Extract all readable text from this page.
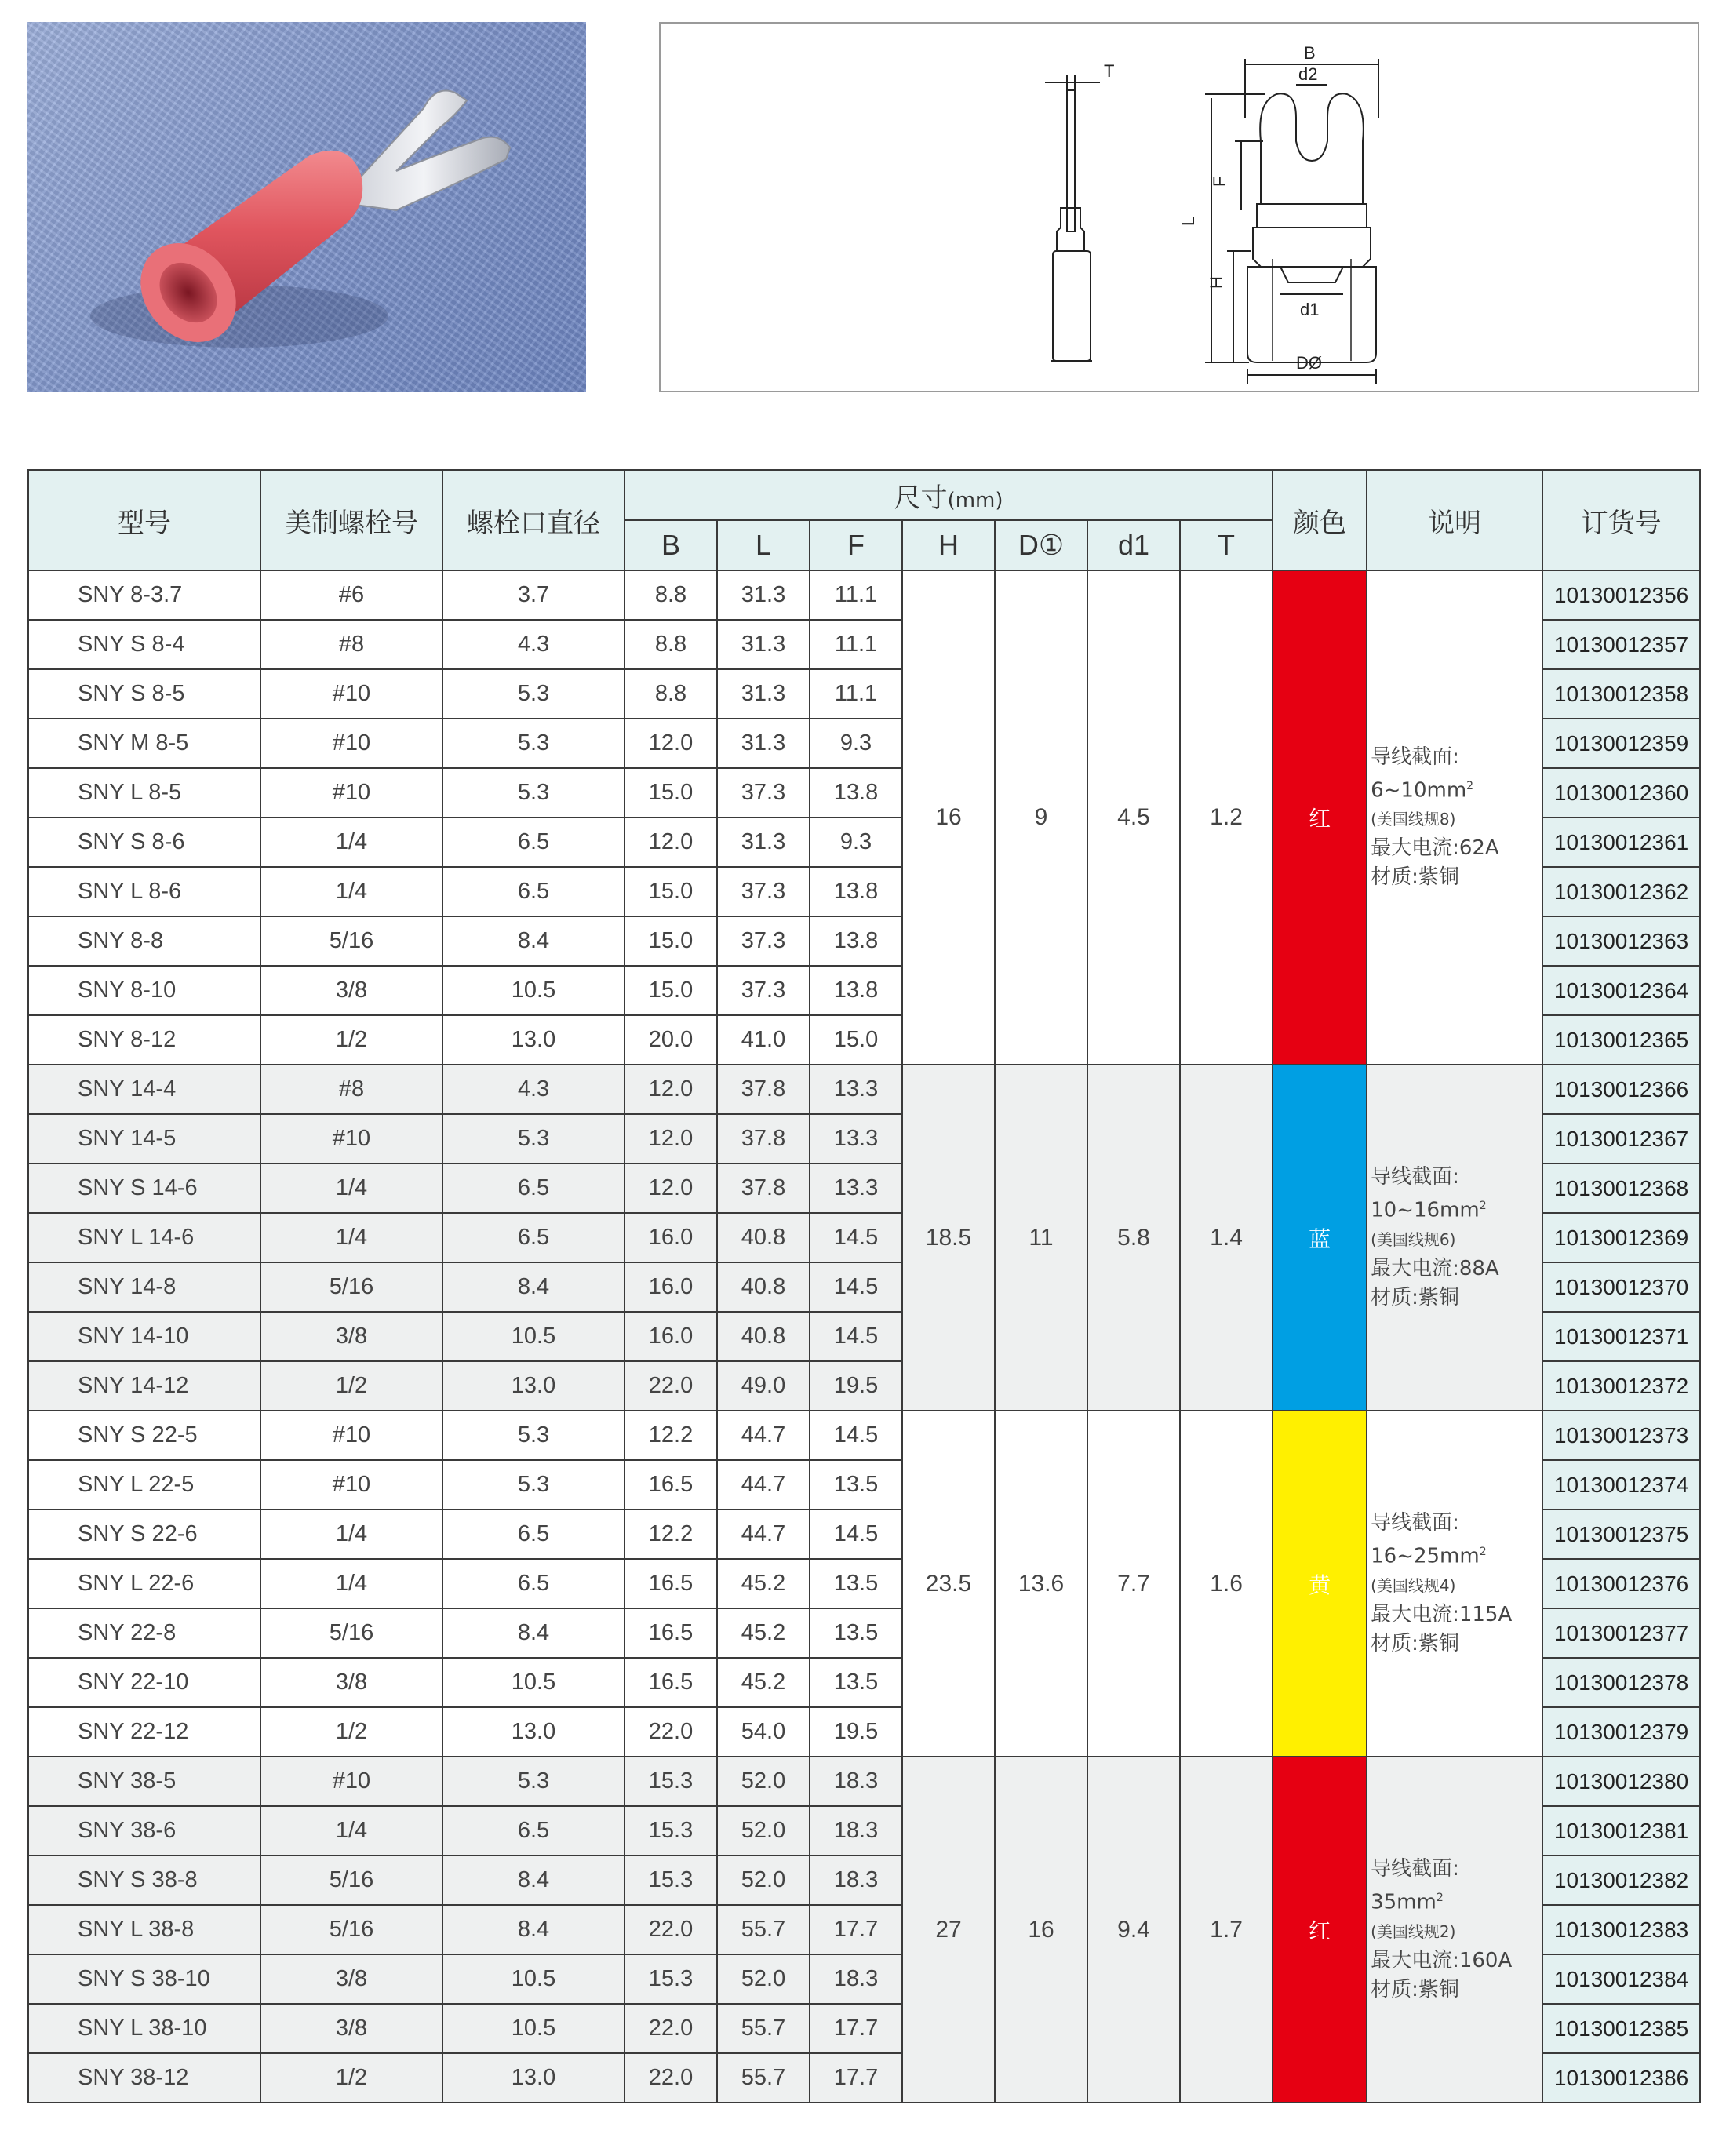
T
B
d2
L
F
H
d1
DØ
型号	美制螺栓号	螺栓口直径	尺寸(mm)							颜色	说明	订货号
			B	L	F	H	D①	d1	T			
SNY 8-3.7	#6	3.7	8.8	31.3	11.1	16	9	4.5	1.2	红	导线截面:
$6\sim 10mm^2$
(美国线规8)
最大电流:62A
材质:紫铜	10130012356
SNY S 8-4	#8	4.3	8.8	31.3	11.1							10130012357
SNY S 8-5	#10	5.3	8.8	31.3	11.1							10130012358
SNY M 8-5	#10	5.3	12.0	31.3	9.3							10130012359
SNY L 8-5	#10	5.3	15.0	37.3	13.8							10130012360
SNY S 8-6	1/4	6.5	12.0	31.3	9.3							10130012361
SNY L 8-6	1/4	6.5	15.0	37.3	13.8							10130012362
SNY 8-8	5/16	8.4	15.0	37.3	13.8							10130012363
SNY 8-10	3/8	10.5	15.0	37.3	13.8							10130012364
SNY 8-12	1/2	13.0	20.0	41.0	15.0							10130012365
SNY 14-4	#8	4.3	12.0	37.8	13.3	18.5	11	5.8	1.4	蓝	导线截面:
$10\sim 16mm^2$
(美国线规6)
最大电流:88A
材质:紫铜	10130012366
SNY 14-5	#10	5.3	12.0	37.8	13.3							10130012367
SNY S 14-6	1/4	6.5	12.0	37.8	13.3							10130012368
SNY L 14-6	1/4	6.5	16.0	40.8	14.5							10130012369
SNY 14-8	5/16	8.4	16.0	40.8	14.5							10130012370
SNY 14-10	3/8	10.5	16.0	40.8	14.5							10130012371
SNY 14-12	1/2	13.0	22.0	49.0	19.5							10130012372
SNY S 22-5	#10	5.3	12.2	44.7	14.5	23.5	13.6	7.7	1.6	黄	导线截面:
$16\sim 25mm^2$
(美国线规4)
最大电流:115A
材质:紫铜	10130012373
SNY L 22-5	#10	5.3	16.5	44.7	13.5							10130012374
SNY S 22-6	1/4	6.5	12.2	44.7	14.5							10130012375
SNY L 22-6	1/4	6.5	16.5	45.2	13.5							10130012376
SNY 22-8	5/16	8.4	16.5	45.2	13.5							10130012377
SNY 22-10	3/8	10.5	16.5	45.2	13.5							10130012378
SNY 22-12	1/2	13.0	22.0	54.0	19.5							10130012379
SNY 38-5	#10	5.3	15.3	52.0	18.3	27	16	9.4	1.7	红	导线截面:
$35mm^2$
(美国线规2)
最大电流:160A
材质:紫铜	10130012380
SNY 38-6	1/4	6.5	15.3	52.0	18.3							10130012381
SNY S 38-8	5/16	8.4	15.3	52.0	18.3							10130012382
SNY L 38-8	5/16	8.4	22.0	55.7	17.7							10130012383
SNY S 38-10	3/8	10.5	15.3	52.0	18.3							10130012384
SNY L 38-10	3/8	10.5	22.0	55.7	17.7							10130012385
SNY 38-12	1/2	13.0	22.0	55.7	17.7							10130012386
